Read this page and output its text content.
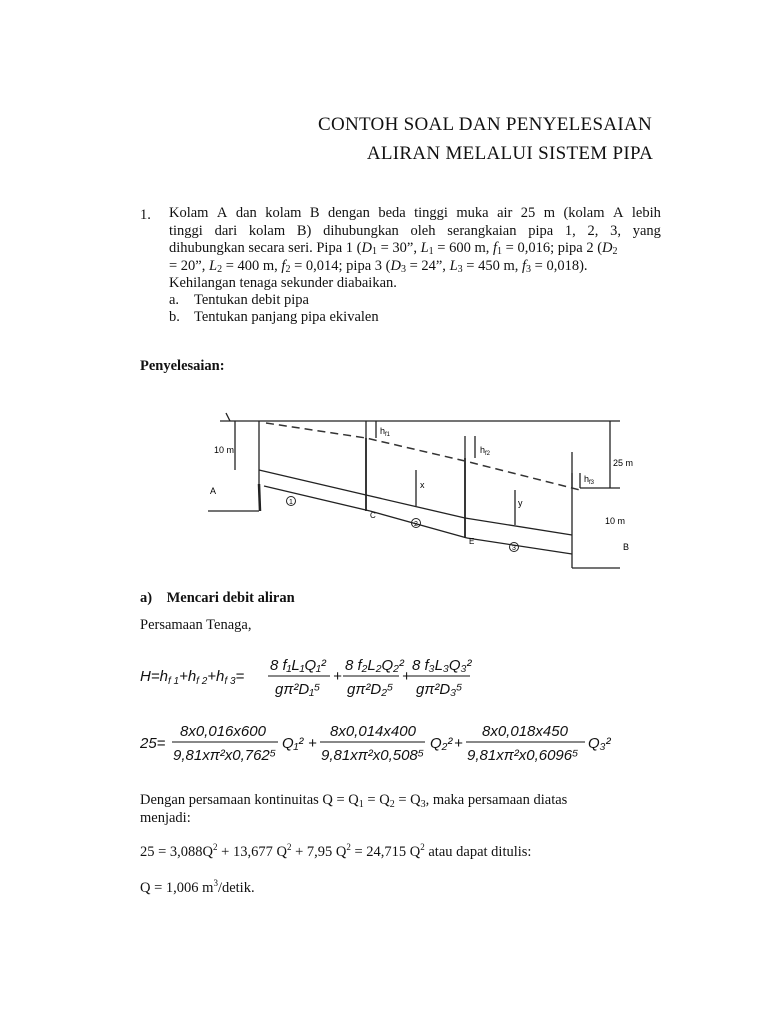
CONTOH SOAL DAN PENYELESAIAN
ALIRAN MELALUI SISTEM PIPA
1. Kolam A dan kolam B dengan beda tinggi muka air 25 m (kolam A lebih
tinggi dari kolam B) dihubungkan oleh serangkaian pipa 1, 2, 3, yang
dihubungkan secara seri. Pipa 1 ( D 1 = 30”, L 1 = 600 m, f 1 = 0,016; pipa 2 ( D 2
= 20”, L 2 = 400 m, f 2 = 0,014; pipa 3 ( D 3 = 24”, L 3 = 450 m, f 3 = 0,018).
Kehilangan tenaga sekunder diabaikan.
a. Tentukan debit pipa
b. Tentukan panjang pipa ekivalen
Penyelesaian:
10 m
$h_{f1}$
$h_{f2}$
$h_{f3}$
25 m
A
x
y
C
E
10 m
B
1
2
3
a)    Mencari debit aliran
Persamaan Tenaga,
$H=h_{f 1}+h_{f 2}+h_{f 3}=$
8 f₁L₁Q₁²
gπ²D₁⁵
+
8 f₂L₂Q₂²
gπ²D₂⁵
+
8 f₃L₃Q₃²
gπ²D₃⁵
25=
8x0,016x600
9,81xπ²x0,762⁵
Q₁² +
8x0,014x400
9,81xπ²x0,508⁵
Q₂² +
8x0,018x450
9,81xπ²x0,6096⁵
Q₃²
Dengan persamaan kontinuitas $Q = Q_1 = Q_2 = Q_3$, maka persamaan diatas
menjadi:
$25 = 3,088Q^2 + 13,677$ $Q^2 + 7,95$ $Q^2 = 24,715$ $Q^2$ atau dapat ditulis:
Q = 1,006 $m^3$/detik.
